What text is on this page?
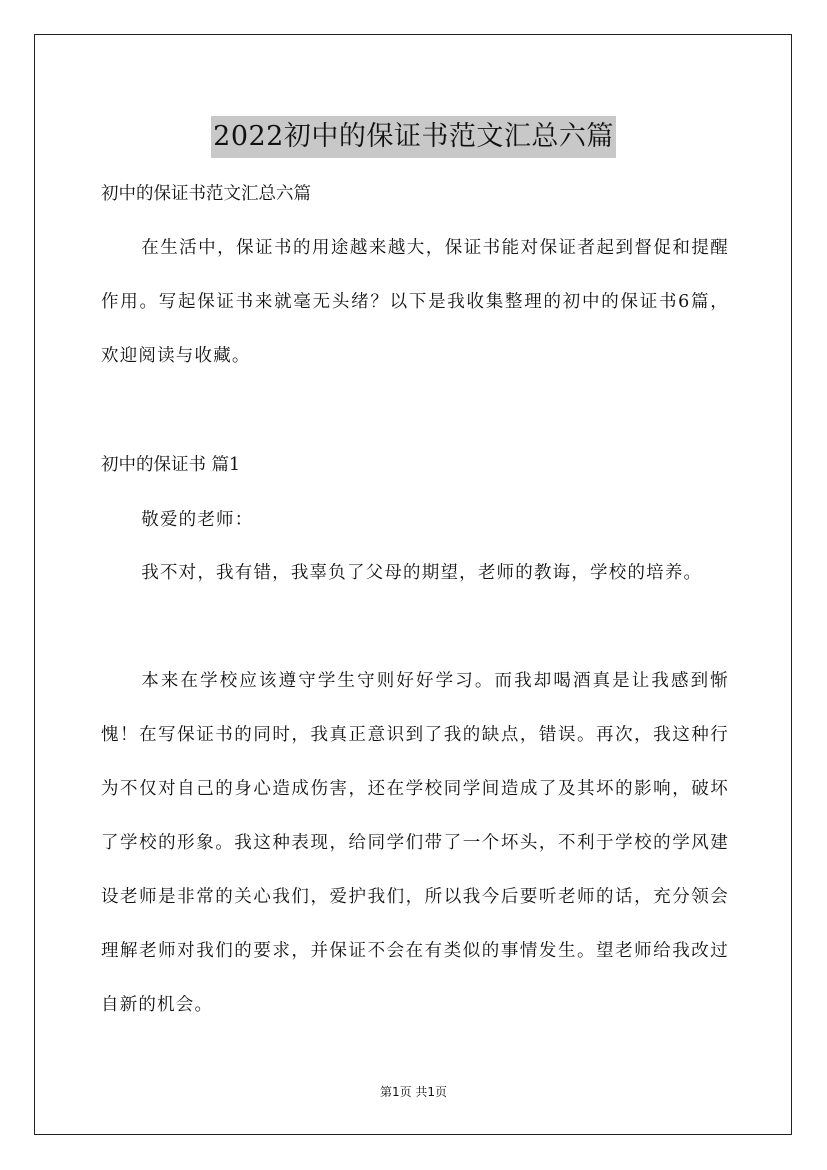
2022初中的保证书范文汇总六篇
初中的保证书范文汇总六篇

在生活中，保证书的用途越来越大，保证书能对保证者起到督促和提醒作用。写起保证书来就毫无头绪？以下是我收集整理的初中的保证书6篇，欢迎阅读与收藏。

初中的保证书 篇1

敬爱的老师：

我不对，我有错，我辜负了父母的期望，老师的教诲，学校的培养。

本来在学校应该遵守学生守则好好学习。而我却喝酒真是让我感到惭愧！在写保证书的同时，我真正意识到了我的缺点，错误。再次，我这种行为不仅对自己的身心造成伤害，还在学校同学间造成了及其坏的影响，破坏了学校的形象。我这种表现，给同学们带了一个坏头，不利于学校的学风建设老师是非常的关心我们，爱护我们，所以我今后要听老师的话，充分领会理解老师对我们的要求，并保证不会在有类似的事情发生。望老师给我改过自新的机会。

第1页 共1页
